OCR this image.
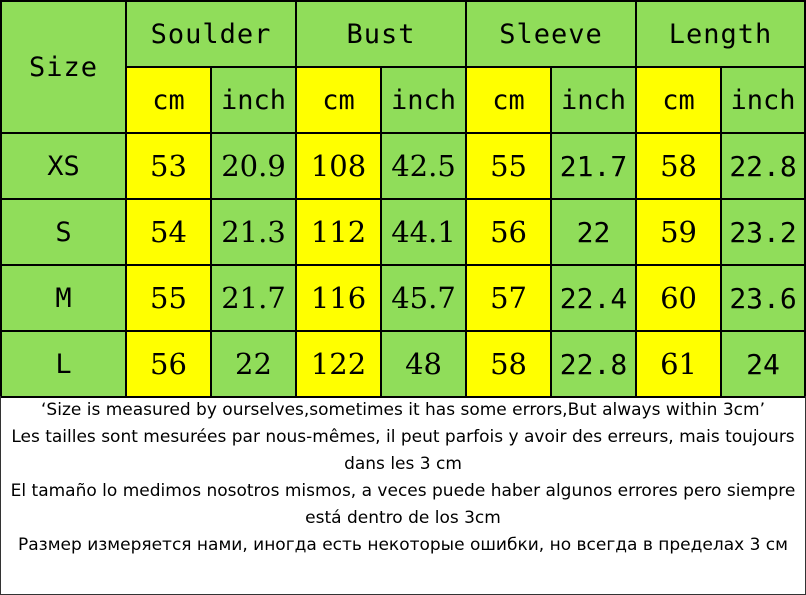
Size	Soulder		Bust		Sleeve		Length	
	cm	inch	cm	inch	cm	inch	cm	inch
XS	53	20.9	108	42.5	55	21.7	58	22.8
S	54	21.3	112	44.1	56	22	59	23.2
M	55	21.7	116	45.7	57	22.4	60	23.6
L	56	22	122	48	58	22.8	61	24

‘Size is measured by ourselves,sometimes it has some errors,But always within 3cm’

Les tailles sont mesurées par nous-mêmes, il peut parfois y avoir des erreurs, mais toujours dans les 3 cm

El tamaño lo medimos nosotros mismos, a veces puede haber algunos errores pero siempre está dentro de los 3cm

Размер измеряется нами, иногда есть некоторые ошибки, но всегда в пределах 3 см
